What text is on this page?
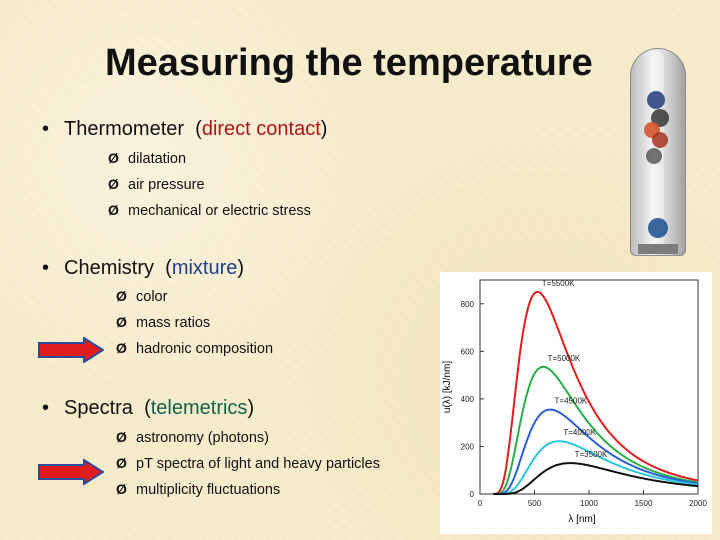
Measuring the temperature
• Thermometer (direct contact)
Ø dilatation
Ø air pressure
Ø mechanical or electric stress
• Chemistry (mixture)
Ø color
Ø mass ratios
Ø hadronic composition
• Spectra (telemetrics)
Ø astronomy (photons)
Ø pT spectra of light and heavy particles
Ø multiplicity fluctuations
0	500	1000	1500	2000
0
200
400
600
800
T=5500K
T=5000K
T=4500K
T=4000K
T=3500K
u(λ) [kJ/nm]
λ [nm]
